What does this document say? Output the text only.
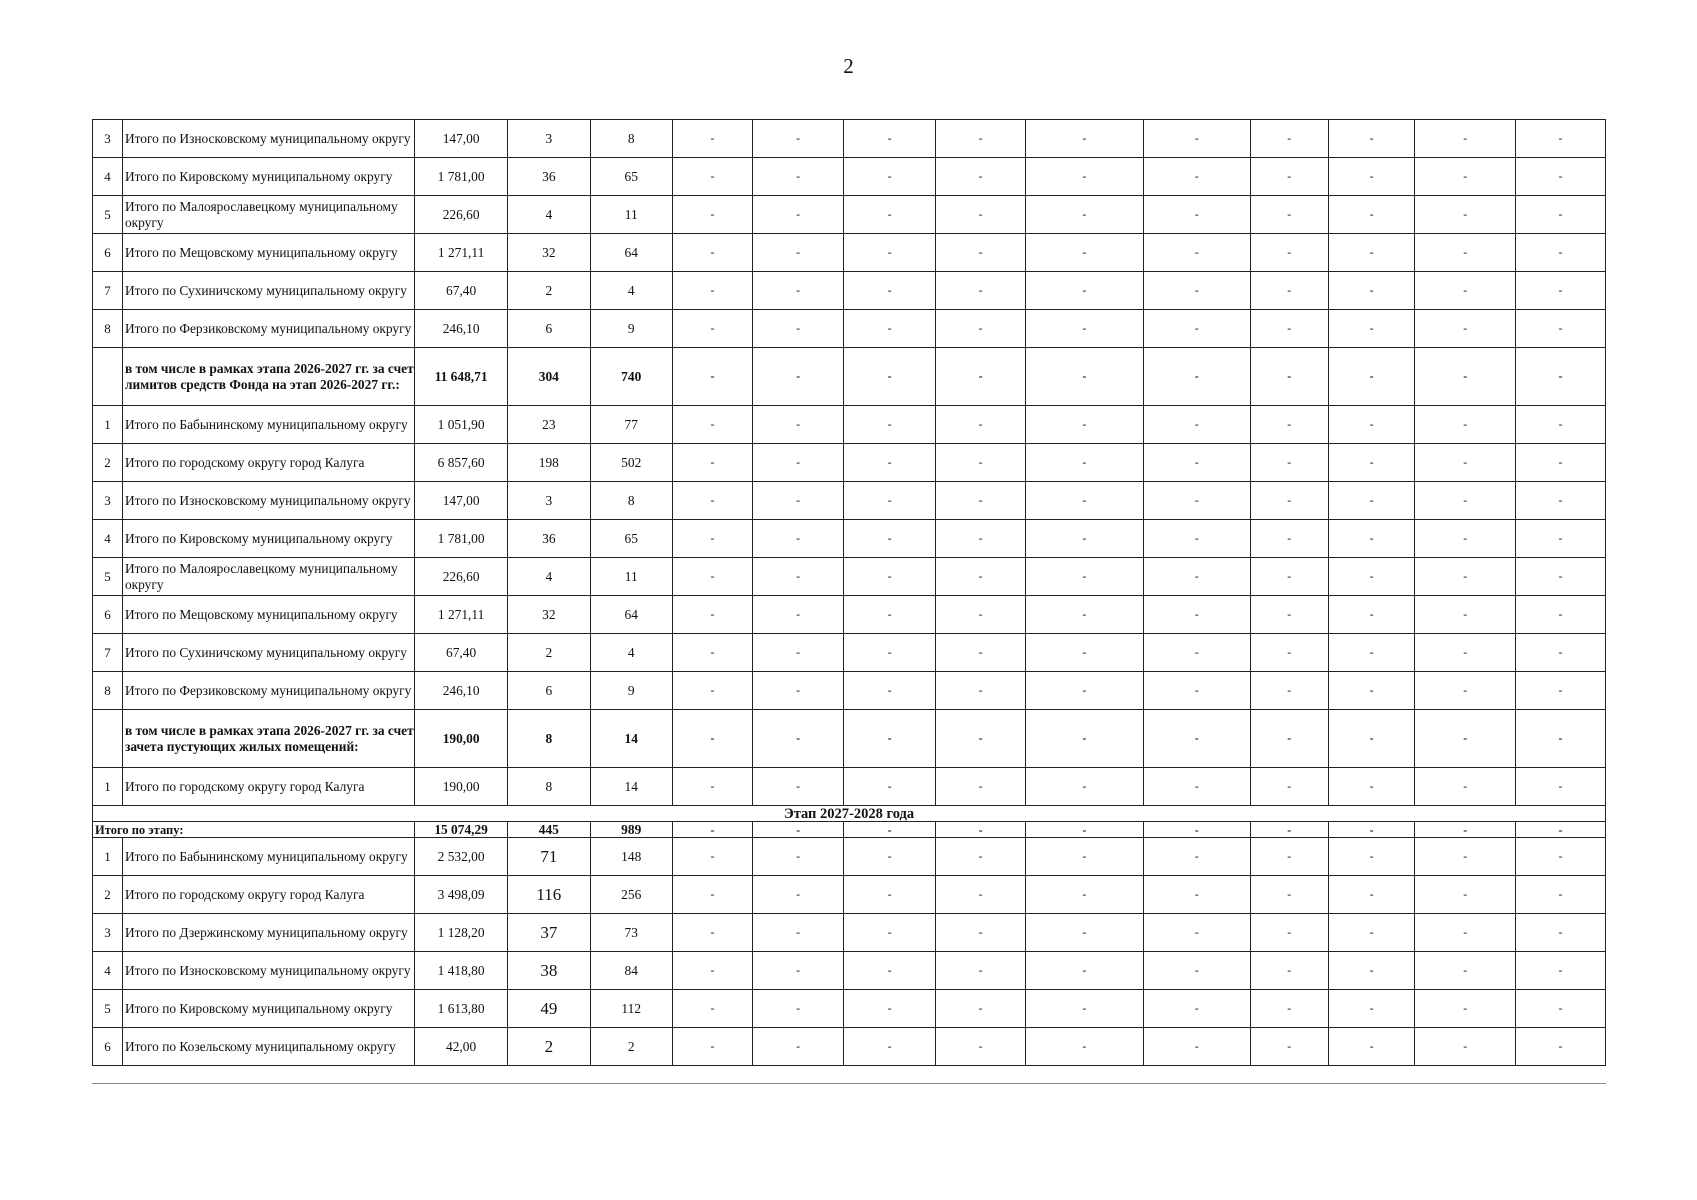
2
3	Итого по Износковскому муниципальному округу	147,00	3	8	-	-	-	-	-	-	-	-	-	-
4	Итого по Кировскому муниципальному округу	1 781,00	36	65	-	-	-	-	-	-	-	-	-	-
5	Итого по Малоярославецкому муниципальному округу	226,60	4	11	-	-	-	-	-	-	-	-	-	-
6	Итого по Мещовскому муниципальному округу	1 271,11	32	64	-	-	-	-	-	-	-	-	-	-
7	Итого по Сухиничскому муниципальному округу	67,40	2	4	-	-	-	-	-	-	-	-	-	-
8	Итого по Ферзиковскому муниципальному округу	246,10	6	9	-	-	-	-	-	-	-	-	-	-
	в том числе в рамках этапа 2026-2027 гг. за счет лимитов средств Фонда на этап 2026-2027 гг.:	11 648,71	304	740	-	-	-	-	-	-	-	-	-	-
1	Итого по Бабынинскому муниципальному округу	1 051,90	23	77	-	-	-	-	-	-	-	-	-	-
2	Итого по городскому округу город Калуга	6 857,60	198	502	-	-	-	-	-	-	-	-	-	-
3	Итого по Износковскому муниципальному округу	147,00	3	8	-	-	-	-	-	-	-	-	-	-
4	Итого по Кировскому муниципальному округу	1 781,00	36	65	-	-	-	-	-	-	-	-	-	-
5	Итого по Малоярославецкому муниципальному округу	226,60	4	11	-	-	-	-	-	-	-	-	-	-
6	Итого по Мещовскому муниципальному округу	1 271,11	32	64	-	-	-	-	-	-	-	-	-	-
7	Итого по Сухиничскому муниципальному округу	67,40	2	4	-	-	-	-	-	-	-	-	-	-
8	Итого по Ферзиковскому муниципальному округу	246,10	6	9	-	-	-	-	-	-	-	-	-	-
	в том числе в рамках этапа 2026-2027 гг. за счет зачета пустующих жилых помещений:	190,00	8	14	-	-	-	-	-	-	-	-	-	-
1	Итого по городскому округу город Калуга	190,00	8	14	-	-	-	-	-	-	-	-	-	-
Этап 2027-2028 года														
Итого по этапу:		15 074,29	445	989	-	-	-	-	-	-	-	-	-	-
1	Итого по Бабынинскому муниципальному округу	2 532,00	71	148	-	-	-	-	-	-	-	-	-	-
2	Итого по городскому округу город Калуга	3 498,09	116	256	-	-	-	-	-	-	-	-	-	-
3	Итого по Дзержинскому муниципальному округу	1 128,20	37	73	-	-	-	-	-	-	-	-	-	-
4	Итого по Износковскому муниципальному округу	1 418,80	38	84	-	-	-	-	-	-	-	-	-	-
5	Итого по Кировскому муниципальному округу	1 613,80	49	112	-	-	-	-	-	-	-	-	-	-
6	Итого по Козельскому муниципальному округу	42,00	2	2	-	-	-	-	-	-	-	-	-	-
